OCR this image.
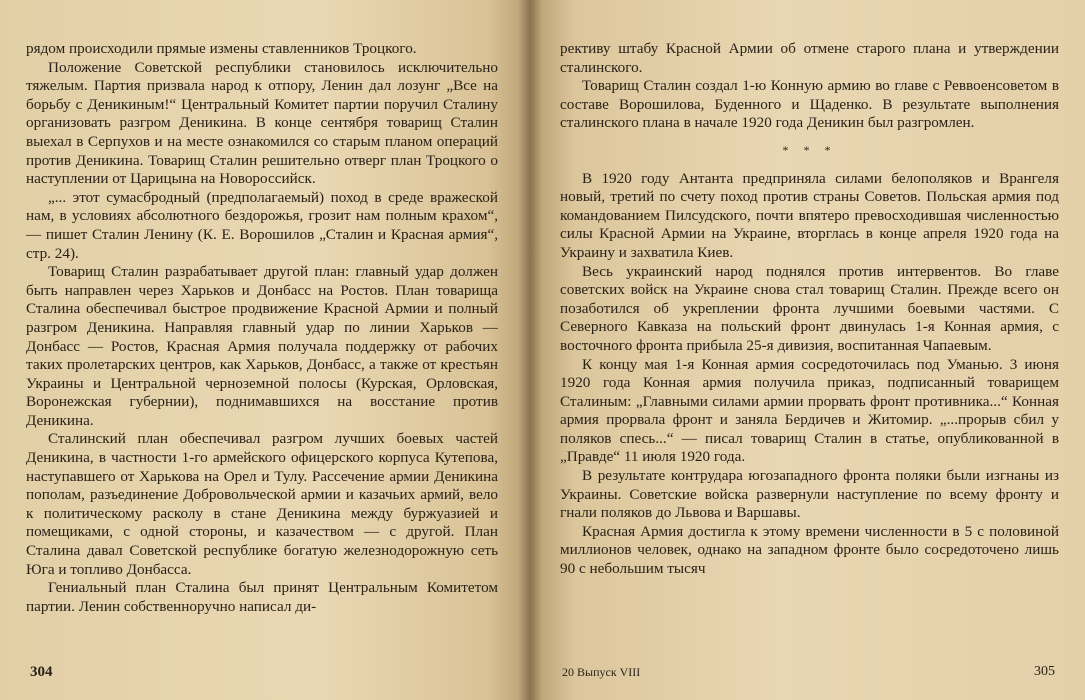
рядом происходили прямые измены ставленников Троцкого.

Положение Советской республики становилось исключительно тяжелым. Партия призвала народ к отпору, Ленин дал лозунг „Все на борьбу с Деникиным!“ Центральный Комитет партии поручил Сталину организовать разгром Деникина. В конце сентября товарищ Сталин выехал в Серпухов и на месте ознакомился со старым планом операций против Деникина. Товарищ Сталин решительно отверг план Троцкого о наступлении от Царицына на Новороссийск.

„... этот сумасбродный (предполагаемый) поход в среде вражеской нам, в условиях абсолютного бездорожья, грозит нам полным крахом“,— пишет Сталин Ленину (К. Е. Ворошилов „Сталин и Красная армия“, стр. 24).

Товарищ Сталин разрабатывает другой план: главный удар должен быть направлен через Харьков и Донбасс на Ростов. План товарища Сталина обеспечивал быстрое продвижение Красной Армии и полный разгром Деникина. Направляя главный удар по линии Харьков — Донбасс — Ростов, Красная Армия получала поддержку от рабочих таких пролетарских центров, как Харьков, Донбасс, а также от крестьян Украины и Центральной черноземной полосы (Курская, Орловская, Воронежская губернии), поднимавшихся на восстание против Деникина.

Сталинский план обеспечивал разгром лучших боевых частей Деникина, в частности 1-го армейского офицерского корпуса Кутепова, наступавшего от Харькова на Орел и Тулу. Рассечение армии Деникина пополам, разъединение Добровольческой армии и казачьих армий, вело к политическому расколу в стане Деникина между буржуазией и помещиками, с одной стороны, и казачеством — с другой. План Сталина давал Советской республике богатую железнодорожную сеть Юга и топливо Донбасса.

Гениальный план Сталина был принят Центральным Комитетом партии. Ленин собственноручно написал ди-

304

рективу штабу Красной Армии об отмене старого плана и утверждении сталинского.

Товарищ Сталин создал 1-ю Конную армию во главе с Реввоенсоветом в составе Ворошилова, Буденного и Щаденко. В результате выполнения сталинского плана в начале 1920 года Деникин был разгромлен.

* * *

В 1920 году Антанта предприняла силами белополяков и Врангеля новый, третий по счету поход против страны Советов. Польская армия под командованием Пилсудского, почти впятеро превосходившая численностью силы Красной Армии на Украине, вторглась в конце апреля 1920 года на Украину и захватила Киев.

Весь украинский народ поднялся против интервентов. Во главе советских войск на Украине снова стал товарищ Сталин. Прежде всего он позаботился об укреплении фронта лучшими боевыми частями. С Северного Кавказа на польский фронт двинулась 1-я Конная армия, с восточного фронта прибыла 25-я дивизия, воспитанная Чапаевым.

К концу мая 1-я Конная армия сосредоточилась под Уманью. 3 июня 1920 года Конная армия получила приказ, подписанный товарищем Сталиным: „Главными силами армии прорвать фронт противника...“ Конная армия прорвала фронт и заняла Бердичев и Житомир. „...прорыв сбил у поляков спесь...“ — писал товарищ Сталин в статье, опубликованной в „Правде“ 11 июля 1920 года.

В результате контрудара югозападного фронта поляки были изгнаны из Украины. Советские войска развернули наступление по всему фронту и гнали поляков до Львова и Варшавы.

Красная Армия достигла к этому времени численности в 5 с половиной миллионов человек, однако на западном фронте было сосредоточено лишь 90 с небольшим тысяч

20 Выпуск VIII	305
